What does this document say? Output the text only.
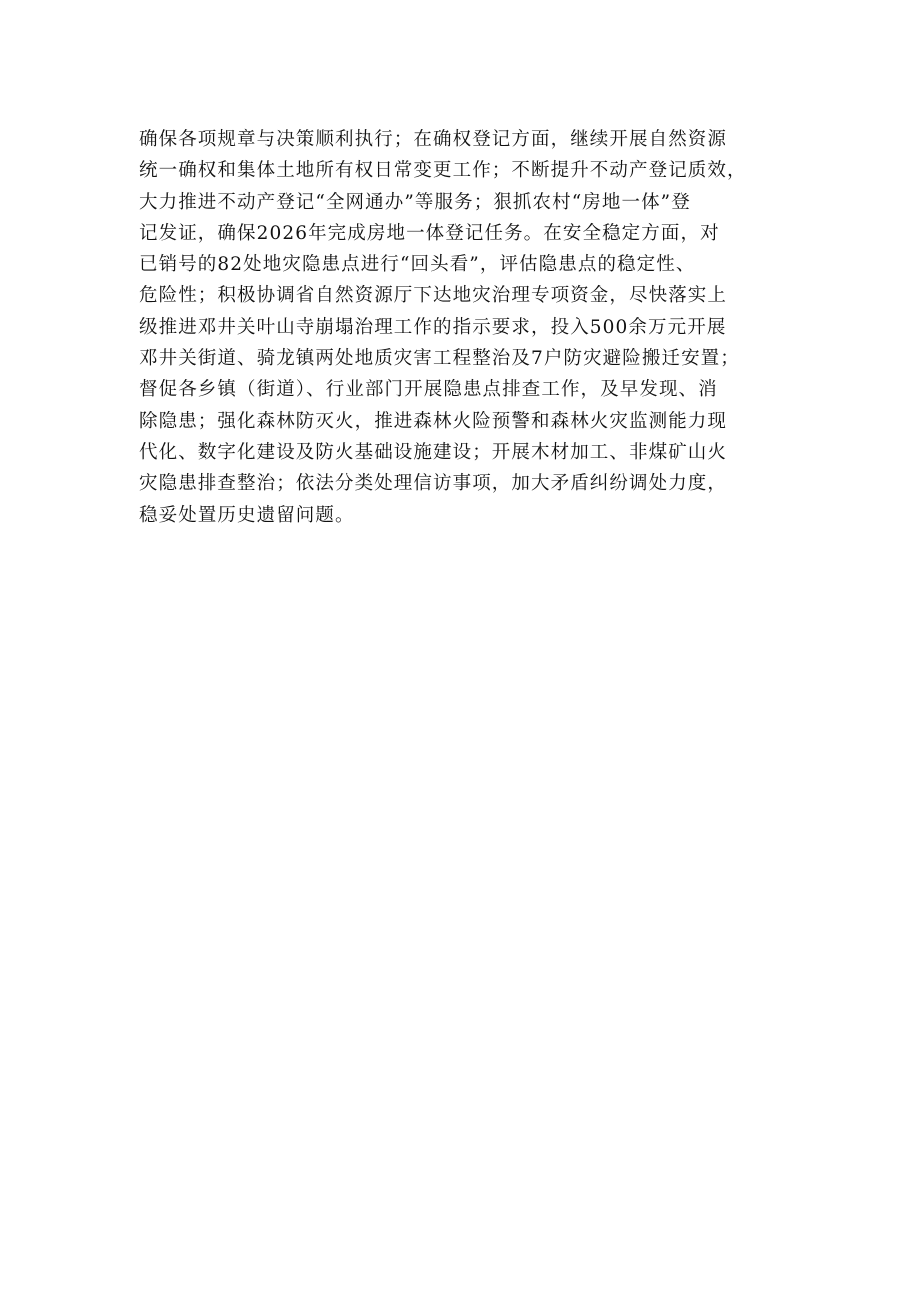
确保各项规章与决策顺利执行；在确权登记方面，继续开展自然资源
统一确权和集体土地所有权日常变更工作；不断提升不动产登记质效，
大力推进不动产登记“全网通办”等服务；狠抓农村“房地一体”登
记发证，确保2026年完成房地一体登记任务。在安全稳定方面，对
已销号的82处地灾隐患点进行“回头看”，评估隐患点的稳定性、
危险性；积极协调省自然资源厅下达地灾治理专项资金，尽快落实上
级推进邓井关叶山寺崩塌治理工作的指示要求，投入500余万元开展
邓井关街道、骑龙镇两处地质灾害工程整治及7户防灾避险搬迁安置；
督促各乡镇（街道）、行业部门开展隐患点排查工作，及早发现、消
除隐患；强化森林防灭火，推进森林火险预警和森林火灾监测能力现
代化、数字化建设及防火基础设施建设；开展木材加工、非煤矿山火
灾隐患排查整治；依法分类处理信访事项，加大矛盾纠纷调处力度，
稳妥处置历史遗留问题。
